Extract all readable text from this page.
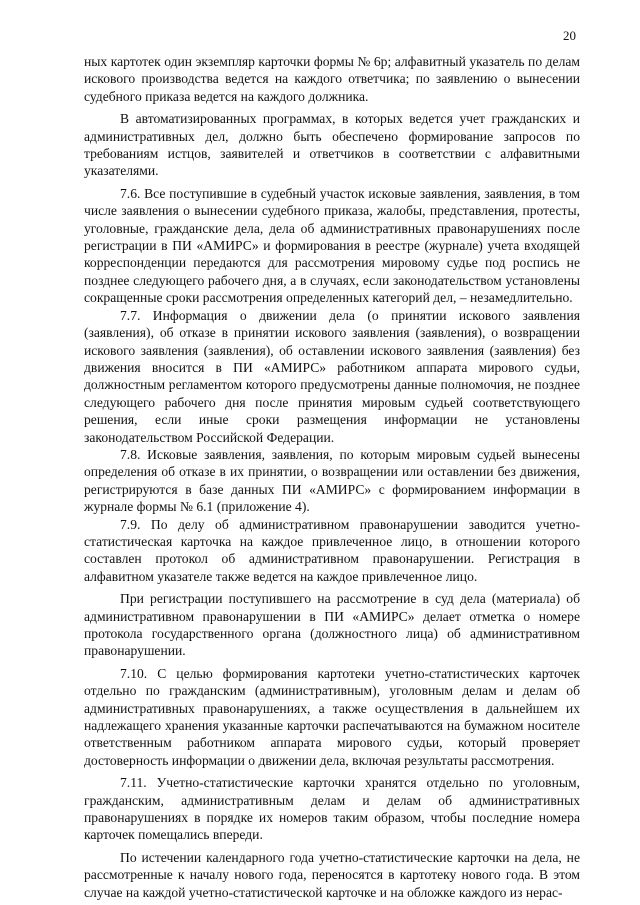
20

ных картотек один экземпляр карточки формы № 6р; алфавитный указатель по делам искового производства ведется на каждого ответчика; по заявлению о вынесении судебного приказа ведется на каждого должника.

В автоматизированных программах, в которых ведется учет гражданских и административных дел, должно быть обеспечено формирование запросов по требованиям истцов, заявителей и ответчиков в соответствии с алфавитными указателями.

7.6. Все поступившие в судебный участок исковые заявления, заявления, в том числе заявления о вынесении судебного приказа, жалобы, представления, протесты, уголовные, гражданские дела, дела об административных правонарушениях после регистрации в ПИ «АМИРС» и формирования в реестре (журнале) учета входящей корреспонденции передаются для рассмотрения мировому судье под роспись не позднее следующего рабочего дня, а в случаях, если законодательством установлены сокращенные сроки рассмотрения определенных категорий дел, – незамедлительно.

7.7. Информация о движении дела (о принятии искового заявления (заявления), об отказе в принятии искового заявления (заявления), о возвращении искового заявления (заявления), об оставлении искового заявления (заявления) без движения вносится в ПИ «АМИРС» работником аппарата мирового судьи, должностным регламентом которого предусмотрены данные полномочия, не позднее следующего рабочего дня после принятия мировым судьей соответствующего решения, если иные сроки размещения информации не установлены законодательством Российской Федерации.

7.8. Исковые заявления, заявления, по которым мировым судьей вынесены определения об отказе в их принятии, о возвращении или оставлении без движения, регистрируются в базе данных ПИ «АМИРС» с формированием информации в журнале формы № 6.1 (приложение 4).

7.9. По делу об административном правонарушении заводится учетно-статистическая карточка на каждое привлеченное лицо, в отношении которого составлен протокол об административном правонарушении. Регистрация в алфавитном указателе также ведется на каждое привлеченное лицо.

При регистрации поступившего на рассмотрение в суд дела (материала) об административном правонарушении в ПИ «АМИРС» делает отметка о номере протокола государственного органа (должностного лица) об административном правонарушении.

7.10. С целью формирования картотеки учетно-статистических карточек отдельно по гражданским (административным), уголовным делам и делам об административных правонарушениях, а также осуществления в дальнейшем их надлежащего хранения указанные карточки распечатываются на бумажном носителе ответственным работником аппарата мирового судьи, который проверяет достоверность информации о движении дела, включая результаты рассмотрения.

7.11. Учетно-статистические карточки хранятся отдельно по уголовным, гражданским, административным делам и делам об административных правонарушениях в порядке их номеров таким образом, чтобы последние номера карточек помещались впереди.

По истечении календарного года учетно-статистические карточки на дела, не рассмотренные к началу нового года, переносятся в картотеку нового года. В этом случае на каждой учетно-статистической карточке и на обложке каждого из нерас-
